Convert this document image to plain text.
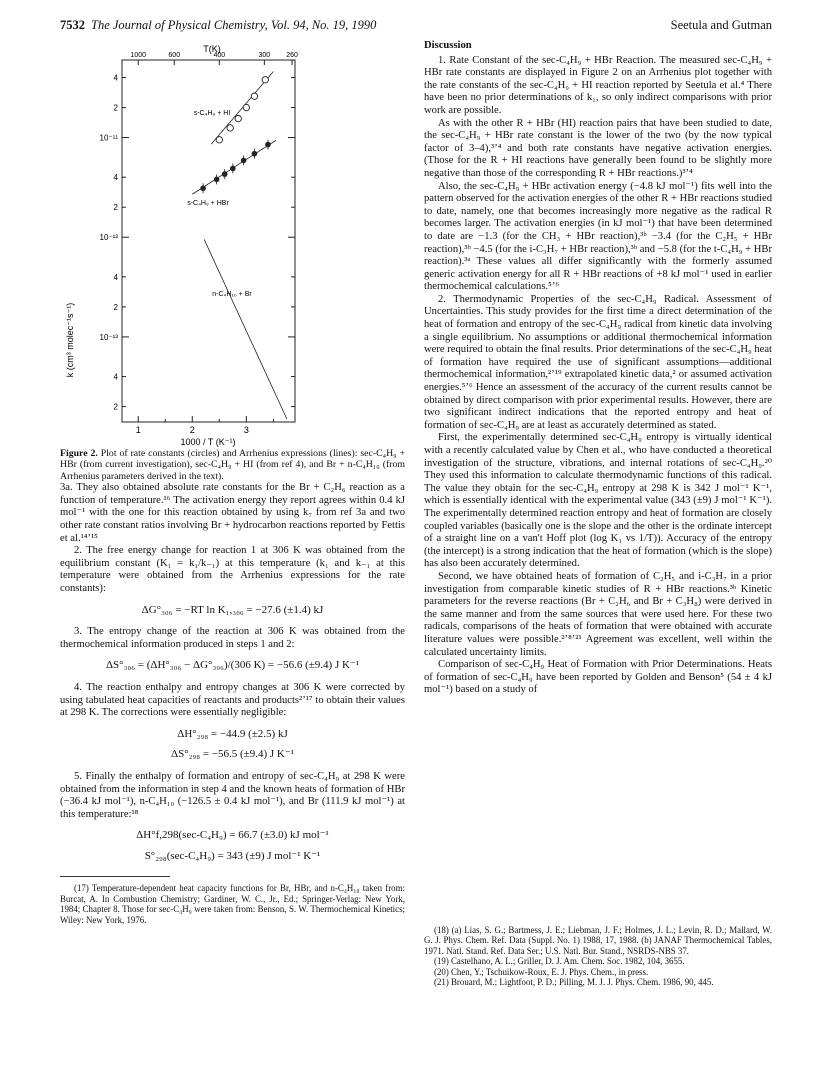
7532 The Journal of Physical Chemistry, Vol. 94, No. 19, 1990	Seetula and Gutman
1000	600	400	300 260
1	2	3
4
2
10⁻¹¹
4
2
10⁻¹²
4
2
10⁻¹³
4
2
T(K)
1000 / T (K⁻¹)
k (cm³ molec⁻¹s⁻¹)
s-C₄H₉ + HI
s-C₄H₉ + HBr
n-C₄H₁₀ + Br

Figure 2. Plot of rate constants (circles) and Arrhenius expressions (lines): sec-C₄H₉ + HBr (from current investigation), sec-C₄H₉ + HI (from ref 4), and Br + n-C₄H₁₀ (from Arrhenius parameters derived in the text).

3a. They also obtained absolute rate constants for the Br + C₂H₆ reaction as a function of temperature.¹⁶ The activation energy they report agrees within 0.4 kJ mol⁻¹ with the one for this reaction obtained by using k₇ from ref 3a and two other rate constant ratios involving Br + hydrocarbon reactions reported by Fettis et al.¹⁴ʼ¹⁵

2. The free energy change for reaction 1 at 306 K was obtained from the equilibrium constant (K₁ = k₁/k₋₁) at this temperature (k₁ and k₋₁ at this temperature were obtained from the Arrhenius expressions for the rate constants):

ΔG°₃₀₆ = −RT ln K₁,₃₀₆ = −27.6 (±1.4) kJ

3. The entropy change of the reaction at 306 K was obtained from the thermochemical information produced in steps 1 and 2:

ΔS°₃₀₆ = (ΔH°₃₀₆ − ΔG°₃₀₆)/(306 K) = −56.6 (±9.4) J K⁻¹

4. The reaction enthalpy and entropy changes at 306 K were corrected by using tabulated heat capacities of reactants and products²ʼ¹⁷ to obtain their values at 298 K. The corrections were essentially negligible:

ΔH°₂₉₈ = −44.9 (±2.5) kJ
ΔS°₂₉₈ = −56.5 (±9.4) J K⁻¹

5. Finally the enthalpy of formation and entropy of sec-C₄H₉ at 298 K were obtained from the information in step 4 and the known heats of formation of HBr (−36.4 kJ mol⁻¹), n-C₄H₁₀ (−126.5 ± 0.4 kJ mol⁻¹), and Br (111.9 kJ mol⁻¹) at this temperature:¹⁸

ΔH°f,298(sec-C₄H₉) = 66.7 (±3.0) kJ mol⁻¹
S°₂₉₈(sec-C₄H₉) = 343 (±9) J mol⁻¹ K⁻¹

(17) Temperature-dependent heat capacity functions for Br, HBr, and n-C₄H₁₀ taken from: Burcat, A. In Combustion Chemistry; Gardiner, W. C., Jr., Ed.; Springer-Verlag: New York, 1984; Chapter 8. Those for sec-C₄H₉ were taken from: Benson, S. W. Thermochemical Kinetics; Wiley: New York, 1976.

Discussion

1. Rate Constant of the sec-C₄H₉ + HBr Reaction. The measured sec-C₄H₉ + HBr rate constants are displayed in Figure 2 on an Arrhenius plot together with the rate constants of the sec-C₄H₉ + HI reaction reported by Seetula et al.⁴ There have been no prior determinations of k₁, so only indirect comparisons with prior work are possible.

As with the other R + HBr (HI) reaction pairs that have been studied to date, the sec-C₄H₉ + HBr rate constant is the lower of the two (by the now typical factor of 3–4),³ʼ⁴ and both rate constants have negative activation energies. (Those for the R + HI reactions have generally been found to be slightly more negative than those of the corresponding R + HBr reactions.)³ʼ⁴

Also, the sec-C₄H₉ + HBr activation energy (−4.8 kJ mol⁻¹) fits well into the pattern observed for the activation energies of the other R + HBr reactions studied to date, namely, one that becomes increasingly more negative as the radical R becomes larger. The activation energies (in kJ mol⁻¹) that have been determined to date are −1.3 (for the CH₃ + HBr reaction),³ᵇ −3.4 (for the C₂H₅ + HBr reaction),³ᵇ −4.5 (for the i-C₃H₇ + HBr reaction),³ᵇ and −5.8 (for the t-C₄H₉ + HBr reaction).³ᵃ These values all differ significantly with the formerly assumed generic activation energy for all R + HBr reactions of +8 kJ mol⁻¹ used in earlier thermochemical calculations.⁵ʼ⁶

2. Thermodynamic Properties of the sec-C₄H₉ Radical. Assessment of Uncertainties. This study provides for the first time a direct determination of the heat of formation and entropy of the sec-C₄H₉ radical from kinetic data involving a single equilibrium. No assumptions or additional thermochemical information were required to obtain the final results. Prior determinations of the sec-C₄H₉ heat of formation have required the use of significant assumptions—additional thermochemical information,²ʼ¹⁹ extrapolated kinetic data,² or assumed activation energies.⁵ʼ⁶ Hence an assessment of the accuracy of the current results cannot be obtained by direct comparison with prior experimental results. However, there are two significant indirect indications that the reported entropy and heat of formation of sec-C₄H₉ are at least as accurately determined as stated.

First, the experimentally determined sec-C₄H₉ entropy is virtually identical with a recently calculated value by Chen et al., who have conducted a theoretical investigation of the structure, vibrations, and internal rotations of sec-C₄H₉.²⁰ They used this information to calculate thermodynamic functions of this radical. The value they obtain for the sec-C₄H₉ entropy at 298 K is 342 J mol⁻¹ K⁻¹, which is essentially identical with the experimental value (343 (±9) J mol⁻¹ K⁻¹). The experimentally determined reaction entropy and heat of formation are closely coupled variables (basically one is the slope and the other is the ordinate intercept of a straight line on a van't Hoff plot (log K₁ vs 1/T)). Accuracy of the entropy (the intercept) is a strong indication that the heat of formation (which is the slope) has also been accurately determined.

Second, we have obtained heats of formation of C₂H₅ and i-C₃H₇ in a prior investigation from comparable kinetic studies of R + HBr reactions.³ᵇ Kinetic parameters for the reverse reactions (Br + C₂H₆ and Br + C₃H₈) were derived in the same manner and from the same sources that were used here. For these two radicals, comparisons of the heats of formation that were obtained with accurate literature values were possible.²ʼ⁸ʼ²¹ Agreement was excellent, well within the calculated uncertainty limits.

Comparison of sec-C₄H₉ Heat of Formation with Prior Determinations. Heats of formation of sec-C₄H₉ have been reported by Golden and Benson⁵ (54 ± 4 kJ mol⁻¹) based on a study of

(18) (a) Lias, S. G.; Bartmess, J. E.; Liebman, J. F.; Holmes, J. L.; Levin, R. D.; Mallard, W. G. J. Phys. Chem. Ref. Data (Suppl. No. 1) 1988, 17, 1988. (b) JANAF Thermochemical Tables, 1971. Natl. Stand. Ref. Data Ser.; U.S. Natl. Bur. Stand., NSRDS-NBS 37.

(19) Castelhano, A. L.; Griller, D. J. Am. Chem. Soc. 1982, 104, 3655.

(20) Chen, Y.; Tschuikow-Roux, E. J. Phys. Chem., in press.

(21) Brouard, M.; Lightfoot, P. D.; Pilling, M. J. J. Phys. Chem. 1986, 90, 445.
